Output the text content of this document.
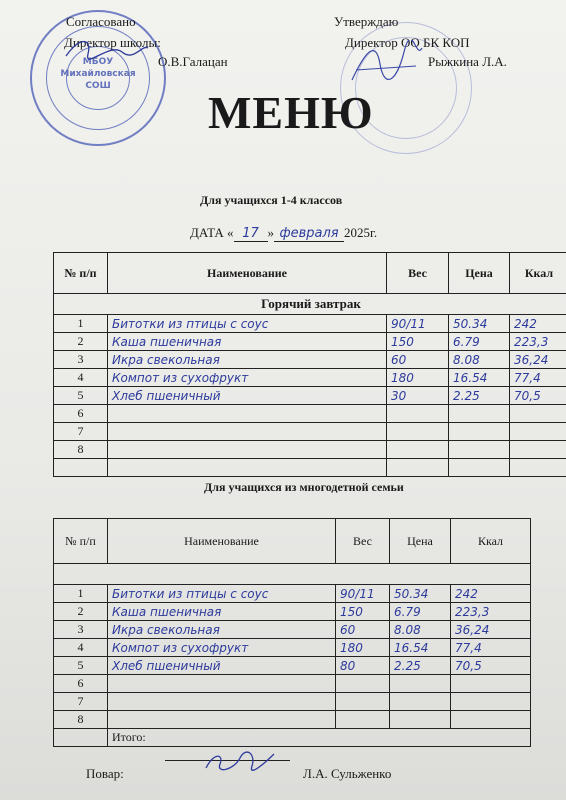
МБОУ
Михайловская
СОШ
Согласовано
Директор школы:
О.В.Галацан
Утверждаю
Директор ОО БК КОП
Рыжкина Л.А.
МЕНЮ
Для учащихся 1-4 классов
ДАТА « 17 » февраля 2025г.
№ п/п	Наименование	Вес	Цена	Ккал
Горячий завтрак				
1	Битотки из птицы с соус	90/11	50.34	242
2	Каша пшеничная	150	6.79	223,3
3	Икра свекольная	60	8.08	36,24
4	Компот из сухофрукт	180	16.54	77,4
5	Хлеб пшеничный	30	2.25	70,5
6				
7				
8				

Для учащихся из многодетной семьи
№ п/п	Наименование	Вес	Цена	Ккал

1	Битотки из птицы с соус	90/11	50.34	242
2	Каша пшеничная	150	6.79	223,3
3	Икра свекольная	60	8.08	36,24
4	Компот из сухофрукт	180	16.54	77,4
5	Хлеб пшеничный	80	2.25	70,5
6				
7				
8				
	Итого:			
Повар:	Л.А. Сульженко
